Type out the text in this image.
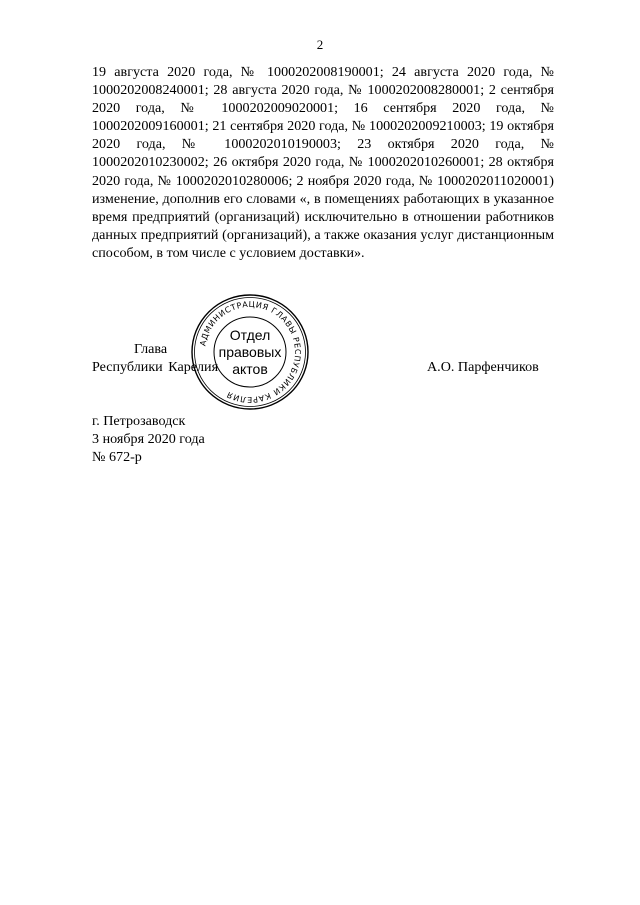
2

19 августа 2020 года, № 1000202008190001; 24 августа 2020 года, № 1000202008240001; 28 августа 2020 года, № 1000202008280001; 2 сентября 2020 года, № 1000202009020001; 16 сентября 2020 года, № 1000202009160001; 21 сентября 2020 года, № 1000202009210003; 19 октября 2020 года, № 1000202010190003; 23 октября 2020 года, № 1000202010230002; 26 октября 2020 года, № 1000202010260001; 28 октября 2020 года, № 1000202010280006; 2 ноября 2020 года, № 1000202011020001) изменение, дополнив его словами «, в помещениях работающих в указанное время предприятий (организаций) исключительно в отношении работников данных предприятий (организаций), а также оказания услуг дистанционным способом, в том числе с условием доставки».

Глава
Республики Карелия	А.О. Парфенчиков
АДМИНИСТРАЦИЯ ГЛАВЫ РЕСПУБЛИКИ КАРЕЛИЯ
Отдел
правовых
актов
г. Петрозаводск
3 ноября 2020 года
№ 672-р
